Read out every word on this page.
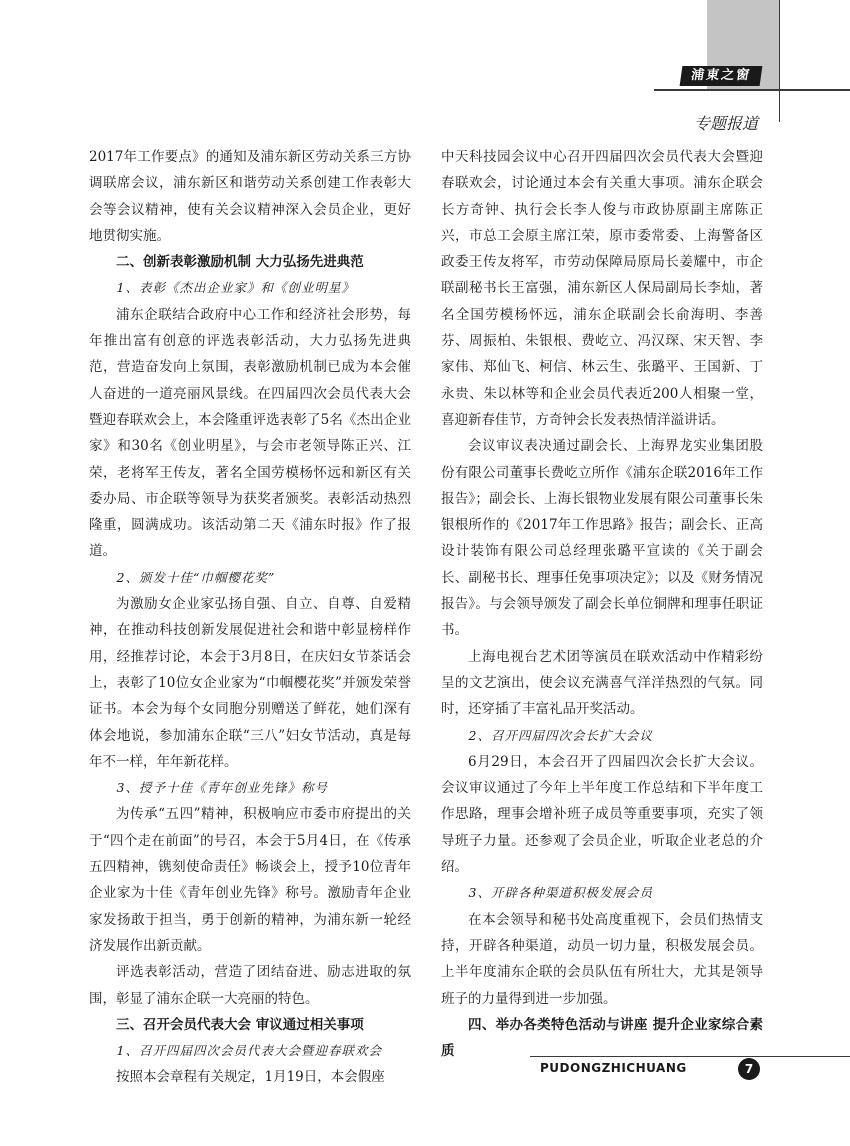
浦東之窗
专题报道

2017年工作要点》的通知及浦东新区劳动关系三方协调联席会议，浦东新区和谐劳动关系创建工作表彰大会等会议精神，使有关会议精神深入会员企业，更好地贯彻实施。

二、创新表彰激励机制 大力弘扬先进典范
1、表彰《杰出企业家》和《创业明星》

浦东企联结合政府中心工作和经济社会形势，每年推出富有创意的评选表彰活动，大力弘扬先进典范，营造奋发向上氛围，表彰激励机制已成为本会催人奋进的一道亮丽风景线。在四届四次会员代表大会暨迎春联欢会上，本会隆重评选表彰了5名《杰出企业家》和30名《创业明星》，与会市老领导陈正兴、江荣，老将军王传友，著名全国劳模杨怀远和新区有关委办局、市企联等领导为获奖者颁奖。表彰活动热烈隆重，圆满成功。该活动第二天《浦东时报》作了报道。

2、颁发十佳“巾帼樱花奖”

为激励女企业家弘扬自强、自立、自尊、自爱精神，在推动科技创新发展促进社会和谐中彰显榜样作用，经推荐讨论，本会于3月8日，在庆妇女节茶话会上，表彰了10位女企业家为“巾帼樱花奖”并颁发荣誉证书。本会为每个女同胞分别赠送了鲜花，她们深有体会地说，参加浦东企联“三八”妇女节活动，真是每年不一样，年年新花样。

3、授予十佳《青年创业先锋》称号

为传承“五四”精神，积极响应市委市府提出的关于“四个走在前面”的号召，本会于5月4日，在《传承五四精神，镌刻使命责任》畅谈会上，授予10位青年企业家为十佳《青年创业先锋》称号。激励青年企业家发扬敢于担当，勇于创新的精神，为浦东新一轮经济发展作出新贡献。

评选表彰活动，营造了团结奋进、励志进取的氛围，彰显了浦东企联一大亮丽的特色。

三、召开会员代表大会 审议通过相关事项
1、召开四届四次会员代表大会暨迎春联欢会

按照本会章程有关规定，1月19日，本会假座

中天科技园会议中心召开四届四次会员代表大会暨迎春联欢会，讨论通过本会有关重大事项。浦东企联会长方奇钟、执行会长李人俊与市政协原副主席陈正兴，市总工会原主席江荣，原市委常委、上海警备区政委王传友将军，市劳动保障局原局长姜耀中，市企联副秘书长王富强，浦东新区人保局副局长李灿，著名全国劳模杨怀远，浦东企联副会长俞海明、李善芬、周振柏、朱银根、费屹立、冯汉琛、宋天智、李家伟、郑仙飞、柯信、林云生、张璐平、王国新、丁永贵、朱以林等和企业会员代表近200人相聚一堂，喜迎新春佳节，方奇钟会长发表热情洋溢讲话。

会议审议表决通过副会长、上海界龙实业集团股份有限公司董事长费屹立所作《浦东企联2016年工作报告》；副会长、上海长银物业发展有限公司董事长朱银根所作的《2017年工作思路》报告；副会长、正高设计装饰有限公司总经理张璐平宣读的《关于副会长、副秘书长、理事任免事项决定》；以及《财务情况报告》。与会领导颁发了副会长单位铜牌和理事任职证书。

上海电视台艺术团等演员在联欢活动中作精彩纷呈的文艺演出，使会议充满喜气洋洋热烈的气氛。同时，还穿插了丰富礼品开奖活动。

2、召开四届四次会长扩大会议

6月29日，本会召开了四届四次会长扩大会议。会议审议通过了今年上半年度工作总结和下半年度工作思路，理事会增补班子成员等重要事项，充实了领导班子力量。还参观了会员企业，听取企业老总的介绍。

3、开辟各种渠道积极发展会员

在本会领导和秘书处高度重视下，会员们热情支持，开辟各种渠道，动员一切力量，积极发展会员。上半年度浦东企联的会员队伍有所壮大，尤其是领导班子的力量得到进一步加强。

四、举办各类特色活动与讲座 提升企业家综合素质
PUDONGZHICHUANG	7
